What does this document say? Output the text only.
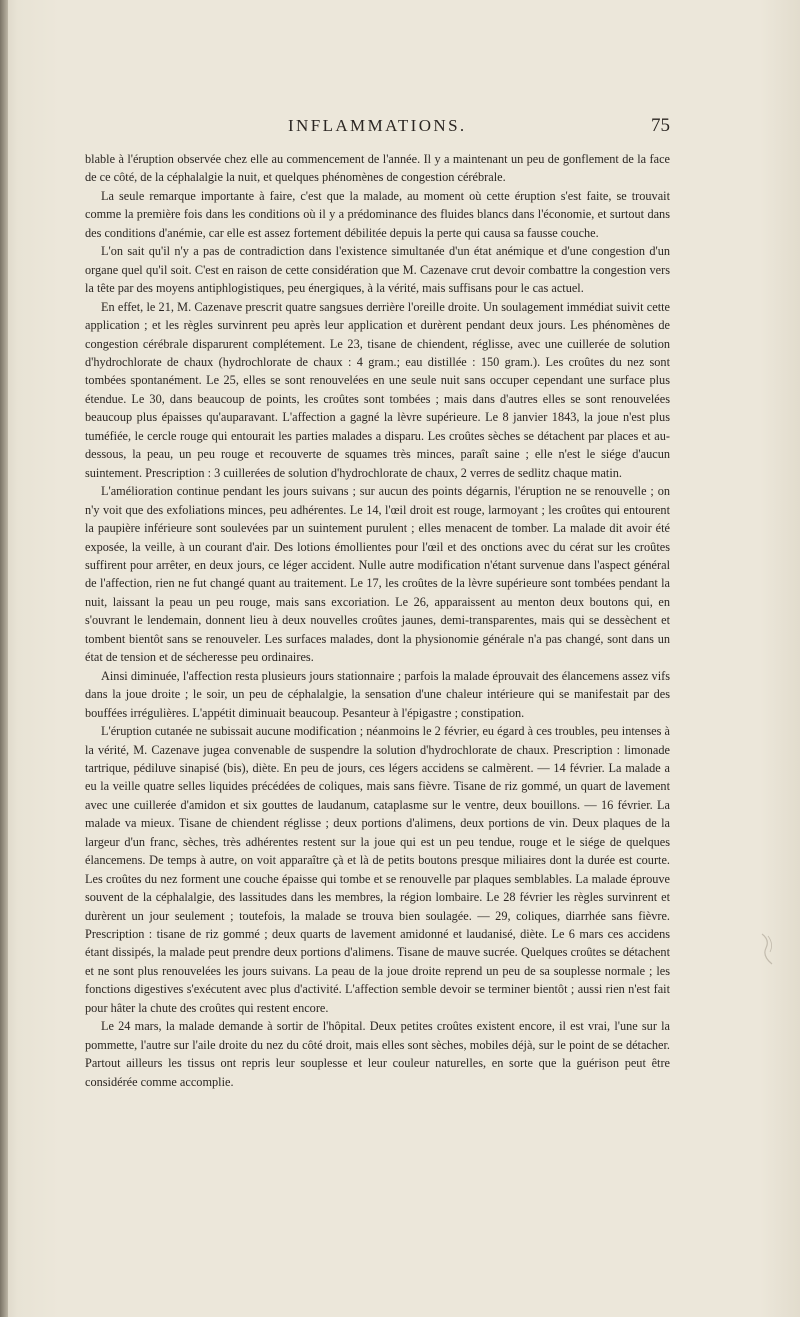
INFLAMMATIONS.	75

blable à l'éruption observée chez elle au commencement de l'année. Il y a maintenant un peu de gonflement de la face de ce côté, de la céphalalgie la nuit, et quelques phénomènes de congestion cérébrale.

La seule remarque importante à faire, c'est que la malade, au moment où cette éruption s'est faite, se trouvait comme la première fois dans les conditions où il y a prédominance des fluides blancs dans l'économie, et surtout dans des conditions d'anémie, car elle est assez fortement débilitée depuis la perte qui causa sa fausse couche.

L'on sait qu'il n'y a pas de contradiction dans l'existence simultanée d'un état anémique et d'une congestion d'un organe quel qu'il soit. C'est en raison de cette considération que M. Cazenave crut devoir combattre la congestion vers la tête par des moyens antiphlogistiques, peu énergiques, à la vérité, mais suffisans pour le cas actuel.

En effet, le 21, M. Cazenave prescrit quatre sangsues derrière l'oreille droite. Un soulagement immédiat suivit cette application ; et les règles survinrent peu après leur application et durèrent pendant deux jours. Les phénomènes de congestion cérébrale disparurent complétement. Le 23, tisane de chiendent, réglisse, avec une cuillerée de solution d'hydrochlorate de chaux (hydrochlorate de chaux : 4 gram.; eau distillée : 150 gram.). Les croûtes du nez sont tombées spontanément. Le 25, elles se sont renouvelées en une seule nuit sans occuper cependant une surface plus étendue. Le 30, dans beaucoup de points, les croûtes sont tombées ; mais dans d'autres elles se sont renouvelées beaucoup plus épaisses qu'auparavant. L'affection a gagné la lèvre supérieure. Le 8 janvier 1843, la joue n'est plus tuméfiée, le cercle rouge qui entourait les parties malades a disparu. Les croûtes sèches se détachent par places et au-dessous, la peau, un peu rouge et recouverte de squames très minces, paraît saine ; elle n'est le siége d'aucun suintement. Prescription : 3 cuillerées de solution d'hydrochlorate de chaux, 2 verres de sedlitz chaque matin.

L'amélioration continue pendant les jours suivans ; sur aucun des points dégarnis, l'éruption ne se renouvelle ; on n'y voit que des exfoliations minces, peu adhérentes. Le 14, l'œil droit est rouge, larmoyant ; les croûtes qui entourent la paupière inférieure sont soulevées par un suintement purulent ; elles menacent de tomber. La malade dit avoir été exposée, la veille, à un courant d'air. Des lotions émollientes pour l'œil et des onctions avec du cérat sur les croûtes suffirent pour arrêter, en deux jours, ce léger accident. Nulle autre modification n'étant survenue dans l'aspect général de l'affection, rien ne fut changé quant au traitement. Le 17, les croûtes de la lèvre supérieure sont tombées pendant la nuit, laissant la peau un peu rouge, mais sans excoriation. Le 26, apparaissent au menton deux boutons qui, en s'ouvrant le lendemain, donnent lieu à deux nouvelles croûtes jaunes, demi-transparentes, mais qui se dessèchent et tombent bientôt sans se renouveler. Les surfaces malades, dont la physionomie générale n'a pas changé, sont dans un état de tension et de sécheresse peu ordinaires.

Ainsi diminuée, l'affection resta plusieurs jours stationnaire ; parfois la malade éprouvait des élancemens assez vifs dans la joue droite ; le soir, un peu de céphalalgie, la sensation d'une chaleur intérieure qui se manifestait par des bouffées irrégulières. L'appétit diminuait beaucoup. Pesanteur à l'épigastre ; constipation.

L'éruption cutanée ne subissait aucune modification ; néanmoins le 2 février, eu égard à ces troubles, peu intenses à la vérité, M. Cazenave jugea convenable de suspendre la solution d'hydrochlorate de chaux. Prescription : limonade tartrique, pédiluve sinapisé (bis), diète. En peu de jours, ces légers accidens se calmèrent. — 14 février. La malade a eu la veille quatre selles liquides précédées de coliques, mais sans fièvre. Tisane de riz gommé, un quart de lavement avec une cuillerée d'amidon et six gouttes de laudanum, cataplasme sur le ventre, deux bouillons. — 16 février. La malade va mieux. Tisane de chiendent réglisse ; deux portions d'alimens, deux portions de vin. Deux plaques de la largeur d'un franc, sèches, très adhérentes restent sur la joue qui est un peu tendue, rouge et le siége de quelques élancemens. De temps à autre, on voit apparaître çà et là de petits boutons presque miliaires dont la durée est courte. Les croûtes du nez forment une couche épaisse qui tombe et se renouvelle par plaques semblables. La malade éprouve souvent de la céphalalgie, des lassitudes dans les membres, la région lombaire. Le 28 février les règles survinrent et durèrent un jour seulement ; toutefois, la malade se trouva bien soulagée. — 29, coliques, diarrhée sans fièvre. Prescription : tisane de riz gommé ; deux quarts de lavement amidonné et laudanisé, diète. Le 6 mars ces accidens étant dissipés, la malade peut prendre deux portions d'alimens. Tisane de mauve sucrée. Quelques croûtes se détachent et ne sont plus renouvelées les jours suivans. La peau de la joue droite reprend un peu de sa souplesse normale ; les fonctions digestives s'exécutent avec plus d'activité. L'affection semble devoir se terminer bientôt ; aussi rien n'est fait pour hâter la chute des croûtes qui restent encore.

Le 24 mars, la malade demande à sortir de l'hôpital. Deux petites croûtes existent encore, il est vrai, l'une sur la pommette, l'autre sur l'aile droite du nez du côté droit, mais elles sont sèches, mobiles déjà, sur le point de se détacher. Partout ailleurs les tissus ont repris leur souplesse et leur couleur naturelles, en sorte que la guérison peut être considérée comme accomplie.
